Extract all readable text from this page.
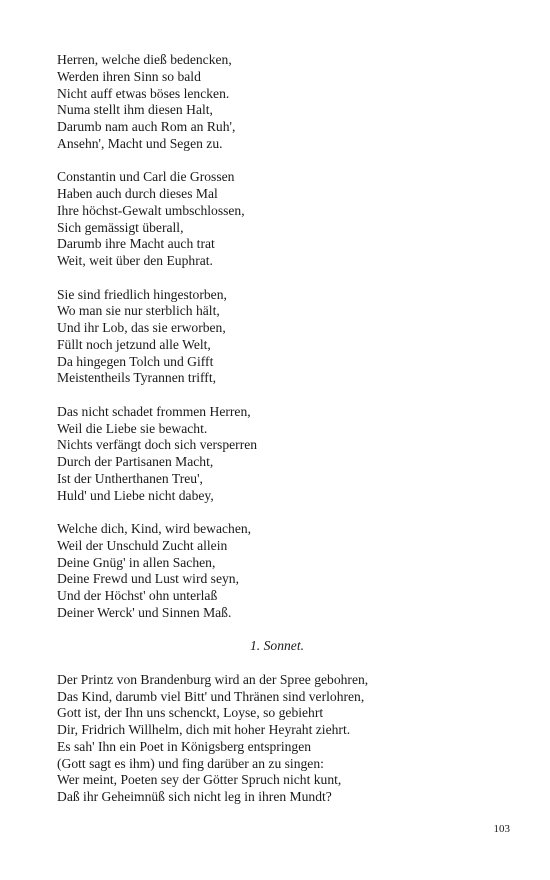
Herren, welche dieß bedencken,
Werden ihren Sinn so bald
Nicht auff etwas böses lencken.
Numa stellt ihm diesen Halt,
Darumb nam auch Rom an Ruh',
Ansehn', Macht und Segen zu.
Constantin und Carl die Grossen
Haben auch durch dieses Mal
Ihre höchst-Gewalt umbschlossen,
Sich gemässigt überall,
Darumb ihre Macht auch trat
Weit, weit über den Euphrat.
Sie sind friedlich hingestorben,
Wo man sie nur sterblich hält,
Und ihr Lob, das sie erworben,
Füllt noch jetzund alle Welt,
Da hingegen Tolch und Gifft
Meistentheils Tyrannen trifft,
Das nicht schadet frommen Herren,
Weil die Liebe sie bewacht.
Nichts verfängt doch sich versperren
Durch der Partisanen Macht,
Ist der Untherthanen Treu',
Huld' und Liebe nicht dabey,
Welche dich, Kind, wird bewachen,
Weil der Unschuld Zucht allein
Deine Gnüg' in allen Sachen,
Deine Frewd und Lust wird seyn,
Und der Höchst' ohn unterlaß
Deiner Werck' und Sinnen Maß.
1. Sonnet.
Der Printz von Brandenburg wird an der Spree gebohren,
Das Kind, darumb viel Bitt' und Thränen sind verlohren,
Gott ist, der Ihn uns schenckt, Loyse, so gebiehrt
Dir, Fridrich Willhelm, dich mit hoher Heyraht ziehrt.
Es sah' Ihn ein Poet in Königsberg entspringen
(Gott sagt es ihm) und fing darüber an zu singen:
Wer meint, Poeten sey der Götter Spruch nicht kunt,
Daß ihr Geheimnüß sich nicht leg in ihren Mundt?
103
